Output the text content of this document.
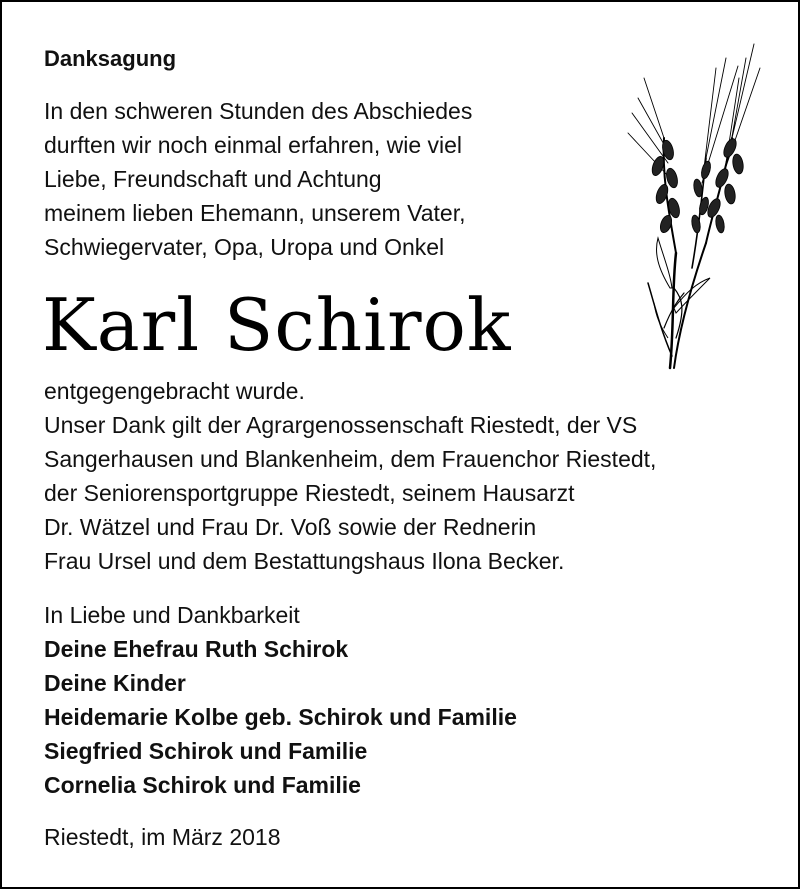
Danksagung
In den schweren Stunden des Abschiedes
durften wir noch einmal erfahren, wie viel
Liebe, Freundschaft und Achtung
meinem lieben Ehemann, unserem Vater,
Schwiegervater, Opa, Uropa und Onkel
Karl Schirok
entgegengebracht wurde.
Unser Dank gilt der Agrargenossenschaft Riestedt, der VS
Sangerhausen und Blankenheim, dem Frauenchor Riestedt,
der Seniorensportgruppe Riestedt, seinem Hausarzt
Dr. Wätzel und Frau Dr. Voß sowie der Rednerin
Frau Ursel und dem Bestattungshaus Ilona Becker.
In Liebe und Dankbarkeit
Deine Ehefrau Ruth Schirok
Deine Kinder
Heidemarie Kolbe geb. Schirok und Familie
Siegfried Schirok und Familie
Cornelia Schirok und Familie
Riestedt, im März 2018
